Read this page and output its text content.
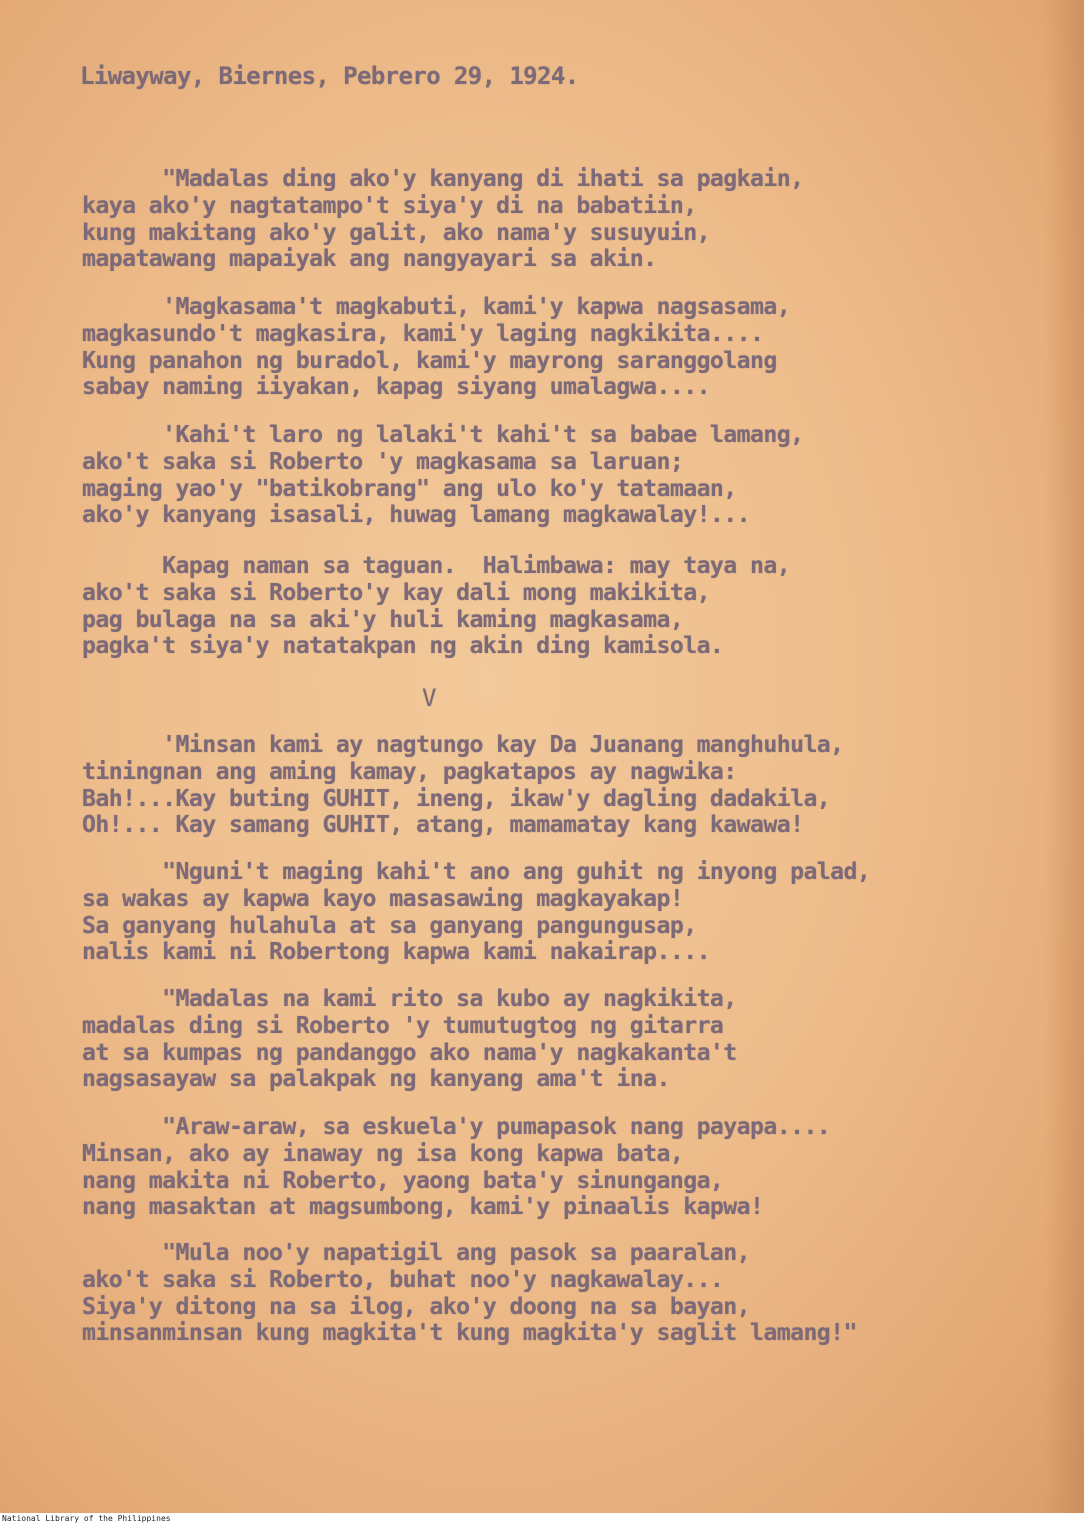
Liwayway, Biernes, Pebrero 29, 1924.

"Madalas ding ako'y kanyang di ihati sa pagkain,
kaya ako'y nagtatampo't siya'y di na babatiin,
kung makitang ako'y galit, ako nama'y susuyuin,
mapatawang mapaiyak ang nangyayari sa akin.
'Magkasama't magkabuti, kami'y kapwa nagsasama,
magkasundo't magkasira, kami'y laging nagkikita....
Kung panahon ng buradol, kami'y mayrong saranggolang
sabay naming iiyakan, kapag siyang umalagwa....
'Kahi't laro ng lalaki't kahi't sa babae lamang,
ako't saka si Roberto 'y magkasama sa laruan;
maging yao'y "batikobrang" ang ulo ko'y tatamaan,
ako'y kanyang isasali, huwag lamang magkawalay!...
Kapag naman sa taguan.  Halimbawa: may taya na,
ako't saka si Roberto'y kay dali mong makikita,
pag bulaga na sa aki'y huli kaming magkasama,
pagka't siya'y natatakpan ng akin ding kamisola.

V

'Minsan kami ay nagtungo kay Da Juanang manghuhula,
tiningnan ang aming kamay, pagkatapos ay nagwika:
Bah!...Kay buting GUHIT, ineng, ikaw'y dagling dadakila,
Oh!... Kay samang GUHIT, atang, mamamatay kang kawawa!
"Nguni't maging kahi't ano ang guhit ng inyong palad,
sa wakas ay kapwa kayo masasawing magkayakap!
Sa ganyang hulahula at sa ganyang pangungusap,
nalis kami ni Robertong kapwa kami nakairap....
"Madalas na kami rito sa kubo ay nagkikita,
madalas ding si Roberto 'y tumutugtog ng gitarra
at sa kumpas ng pandanggo ako nama'y nagkakanta't
nagsasayaw sa palakpak ng kanyang ama't ina.
"Araw-araw, sa eskuela'y pumapasok nang payapa....
Minsan, ako ay inaway ng isa kong kapwa bata,
nang makita ni Roberto, yaong bata'y sinunganga,
nang masaktan at magsumbong, kami'y pinaalis kapwa!
"Mula noo'y napatigil ang pasok sa paaralan,
ako't saka si Roberto, buhat noo'y nagkawalay...
Siya'y ditong na sa ilog, ako'y doong na sa bayan,
minsanminsan kung magkita't kung magkita'y saglit lamang!"
National Library of the Philippines
